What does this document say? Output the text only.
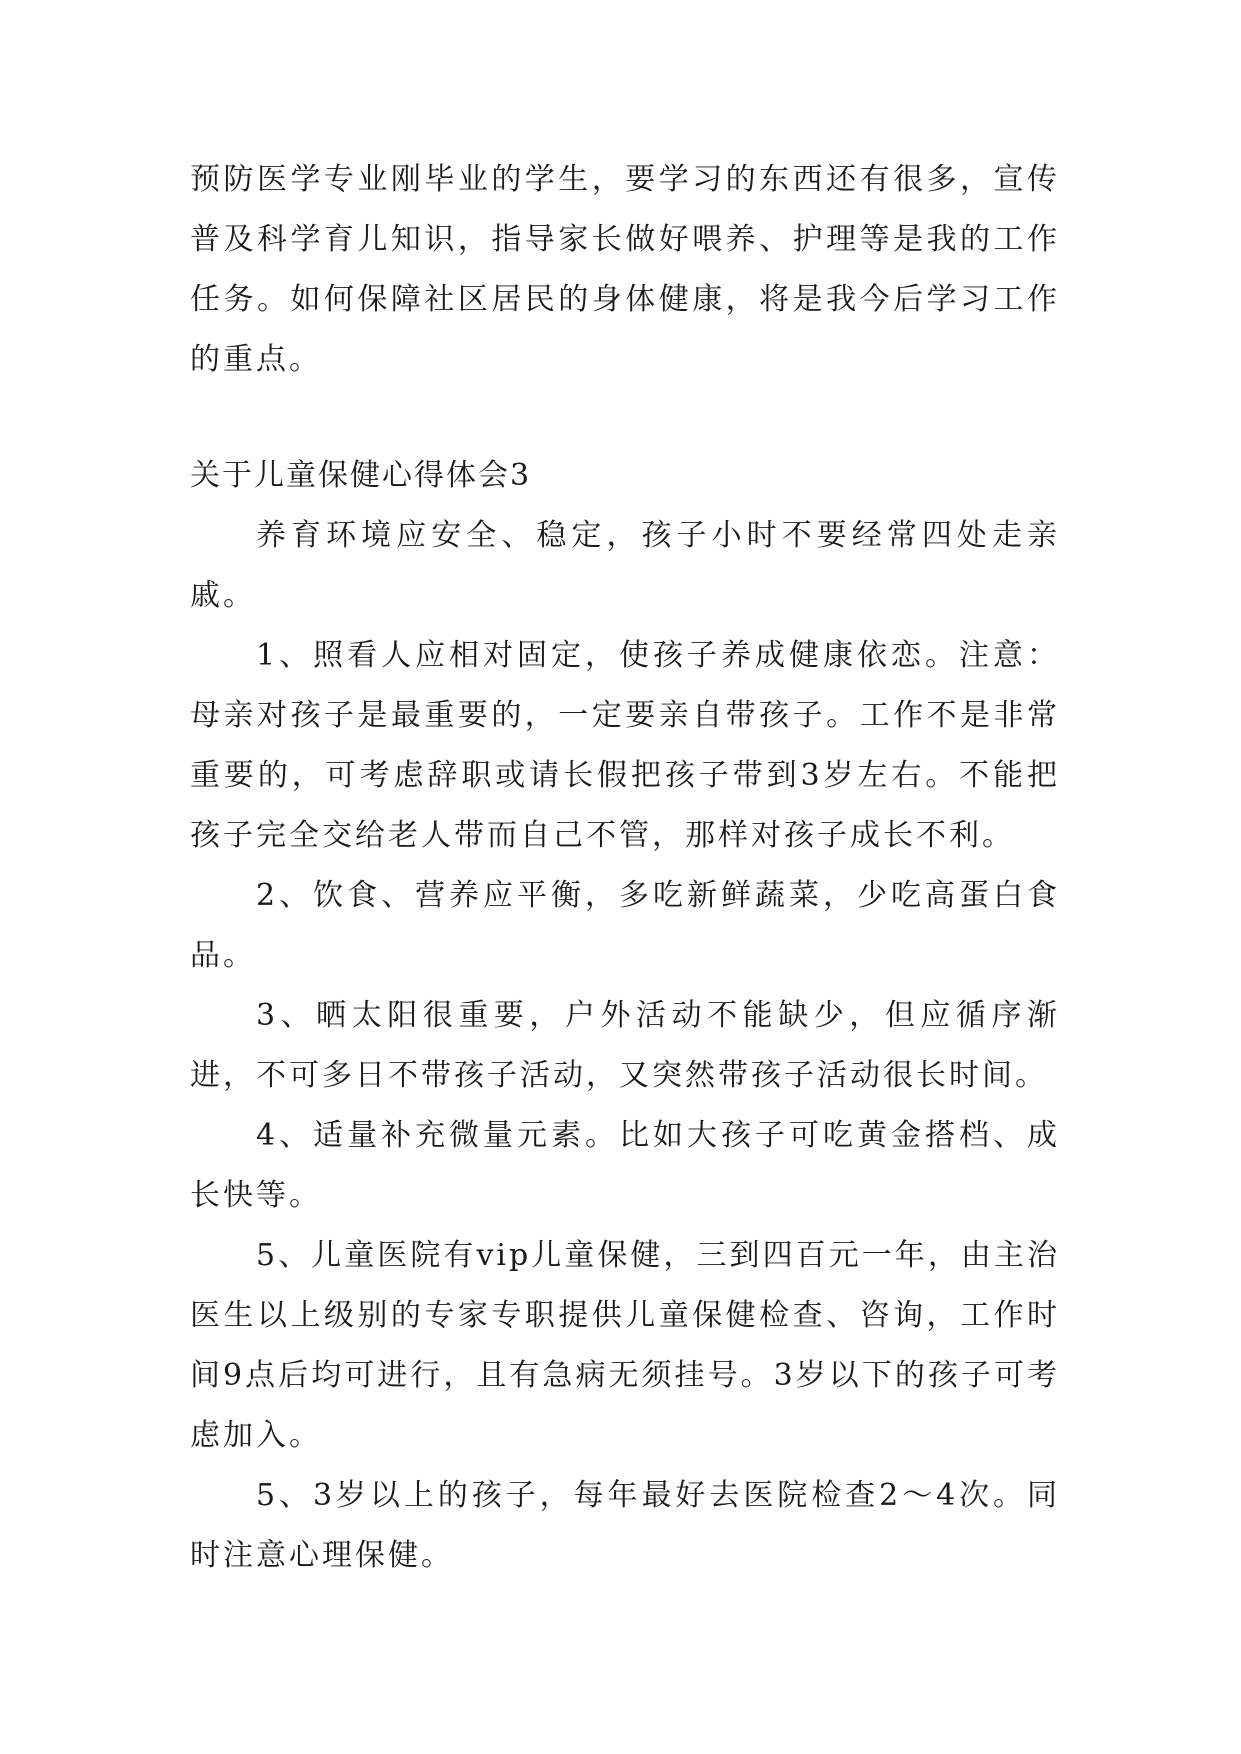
预防医学专业刚毕业的学生，要学习的东西还有很多，宣传普及科学育儿知识，指导家长做好喂养、护理等是我的工作任务。如何保障社区居民的身体健康，将是我今后学习工作的重点。

关于儿童保健心得体会3

养育环境应安全、稳定，孩子小时不要经常四处走亲戚。

1、照看人应相对固定，使孩子养成健康依恋。注意：母亲对孩子是最重要的，一定要亲自带孩子。工作不是非常重要的，可考虑辞职或请长假把孩子带到3岁左右。不能把孩子完全交给老人带而自己不管，那样对孩子成长不利。

2、饮食、营养应平衡，多吃新鲜蔬菜，少吃高蛋白食品。

3、晒太阳很重要，户外活动不能缺少，但应循序渐进，不可多日不带孩子活动，又突然带孩子活动很长时间。

4、适量补充微量元素。比如大孩子可吃黄金搭档、成长快等。

5、儿童医院有vip儿童保健，三到四百元一年，由主治医生以上级别的专家专职提供儿童保健检查、咨询，工作时间9点后均可进行，且有急病无须挂号。3岁以下的孩子可考虑加入。

5、3岁以上的孩子，每年最好去医院检查2～4次。同时注意心理保健。
